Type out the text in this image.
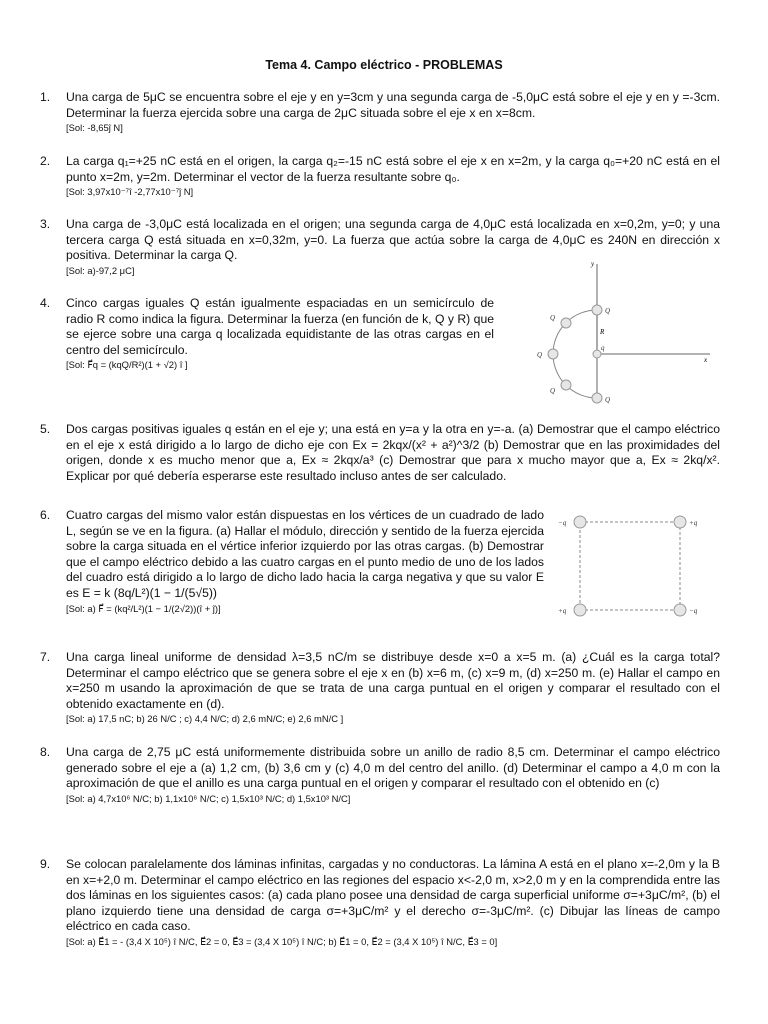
Tema 4. Campo eléctrico - PROBLEMAS
1. Una carga de 5μC se encuentra sobre el eje y en y=3cm y una segunda carga de -5,0μC está sobre el eje y en y =-3cm. Determinar la fuerza ejercida sobre una carga de 2μC situada sobre el eje x en x=8cm.
[Sol: -8,65ĵ N]
2. La carga q₁=+25 nC está en el origen, la carga q₂=-15 nC está sobre el eje x en x=2m, y la carga q₀=+20 nC está en el punto x=2m, y=2m. Determinar el vector de la fuerza resultante sobre q₀.
[Sol: 3,97x10⁻⁷î -2,77x10⁻⁷ĵ N]
3. Una carga de -3,0μC está localizada en el origen; una segunda carga de 4,0μC está localizada en x=0,2m, y=0; y una tercera carga Q está situada en x=0,32m, y=0. La fuerza que actúa sobre la carga de 4,0μC es 240N en dirección x positiva. Determinar la carga Q.
[Sol: a)-97,2 μC]
4. Cinco cargas iguales Q están igualmente espaciadas en un semicírculo de radio R como indica la figura. Determinar la fuerza (en función de k, Q y R) que se ejerce sobre una carga q localizada equidistante de las otras cargas en el centro del semicírculo.
[Sol: F⃗q = (kqQ/R²)(1 + √2) î ]
y
x
R
Q
Q
Q
Q
Q
q
5. Dos cargas positivas iguales q están en el eje y; una está en y=a y la otra en y=-a. (a) Demostrar que el campo eléctrico en el eje x está dirigido a lo largo de dicho eje con Ex = 2kqx/(x² + a²)^3/2 (b) Demostrar que en las proximidades del origen, donde x es mucho menor que a, Ex ≈ 2kqx/a³ (c) Demostrar que para x mucho mayor que a, Ex ≈ 2kq/x². Explicar por qué debería esperarse este resultado incluso antes de ser calculado.
6. Cuatro cargas del mismo valor están dispuestas en los vértices de un cuadrado de lado L, según se ve en la figura. (a) Hallar el módulo, dirección y sentido de la fuerza ejercida sobre la carga situada en el vértice inferior izquierdo por las otras cargas. (b) Demostrar que el campo eléctrico debido a las cuatro cargas en el punto medio de uno de los lados del cuadro está dirigido a lo largo de dicho lado hacia la carga negativa y que su valor E es E = k (8q/L²)(1 − 1/(5√5))
[Sol: a) F⃗ = (kq²/L²)(1 − 1/(2√2))(î + ĵ)]
−q	+q
+q	−q
7. Una carga lineal uniforme de densidad λ=3,5 nC/m se distribuye desde x=0 a x=5 m. (a) ¿Cuál es la carga total? Determinar el campo eléctrico que se genera sobre el eje x en (b) x=6 m, (c) x=9 m, (d) x=250 m. (e) Hallar el campo en x=250 m usando la aproximación de que se trata de una carga puntual en el origen y comparar el resultado con el obtenido exactamente en (d).
[Sol: a) 17,5 nC; b) 26 N/C ; c) 4,4 N/C; d) 2,6 mN/C; e) 2,6 mN/C ]
8. Una carga de 2,75 μC está uniformemente distribuida sobre un anillo de radio 8,5 cm. Determinar el campo eléctrico generado sobre el eje a (a) 1,2 cm, (b) 3,6 cm y (c) 4,0 m del centro del anillo. (d) Determinar el campo a 4,0 m con la aproximación de que el anillo es una carga puntual en el origen y comparar el resultado con el obtenido en (c)
[Sol: a) 4,7x10⁶ N/C; b) 1,1x10⁶ N/C; c) 1,5x10³ N/C; d) 1,5x10³ N/C]
9. Se colocan paralelamente dos láminas infinitas, cargadas y no conductoras. La lámina A está en el plano x=-2,0m y la B en x=+2,0 m. Determinar el campo eléctrico en las regiones del espacio x<-2,0 m, x>2,0 m y en la comprendida entre las dos láminas en los siguientes casos: (a) cada plano posee una densidad de carga superficial uniforme σ=+3μC/m², (b) el plano izquierdo tiene una densidad de carga σ=+3μC/m² y el derecho σ=-3μC/m². (c) Dibujar las líneas de campo eléctrico en cada caso.
[Sol: a) E⃗1 = - (3,4 X 10⁵) î N/C, E⃗2 = 0, E⃗3 = (3,4 X 10⁵) î N/C; b) E⃗1 = 0, E⃗2 = (3,4 X 10⁵) î N/C, E⃗3 = 0]
